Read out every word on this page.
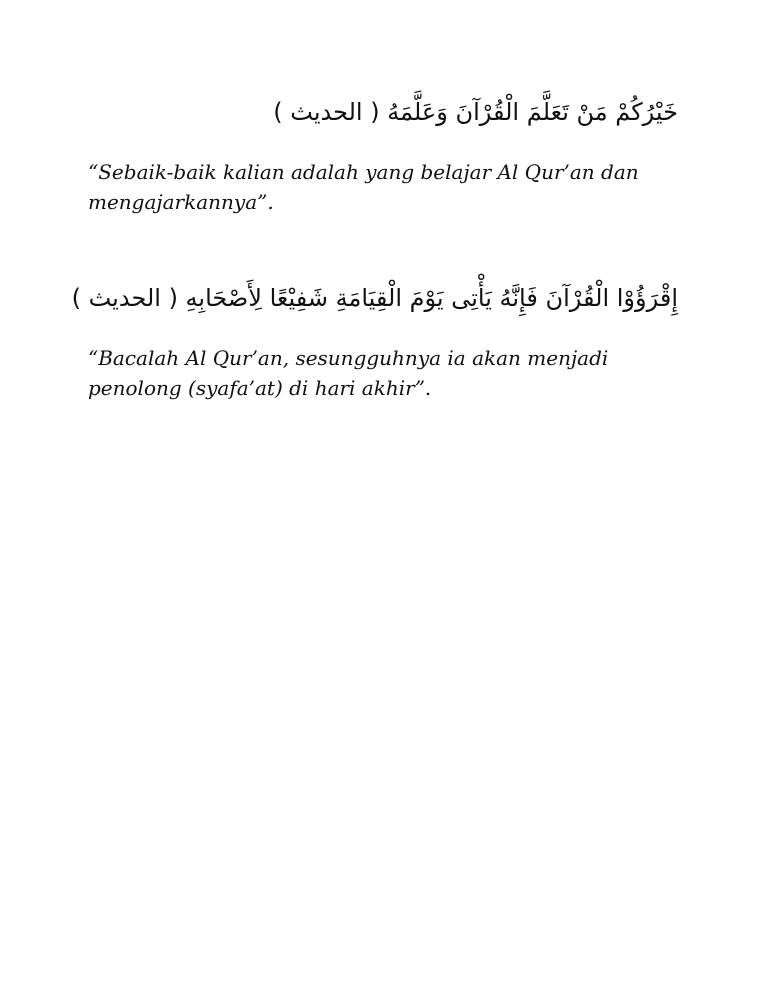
خَيْرُكُمْ مَنْ تَعَلَّمَ الْقُرْآنَ وَعَلَّمَهُ ( الحديث )
“Sebaik-baik kalian adalah yang belajar Al Qur’an dan mengajarkannya”.
إِقْرَؤُوْا الْقُرْآنَ فَإِنَّهُ يَأْتِى يَوْمَ الْقِيَامَةِ شَفِيْعًا لِأَصْحَابِهِ ( الحديث )
“Bacalah Al Qur’an, sesungguhnya ia akan menjadi penolong (syafa’at) di hari akhir”.
